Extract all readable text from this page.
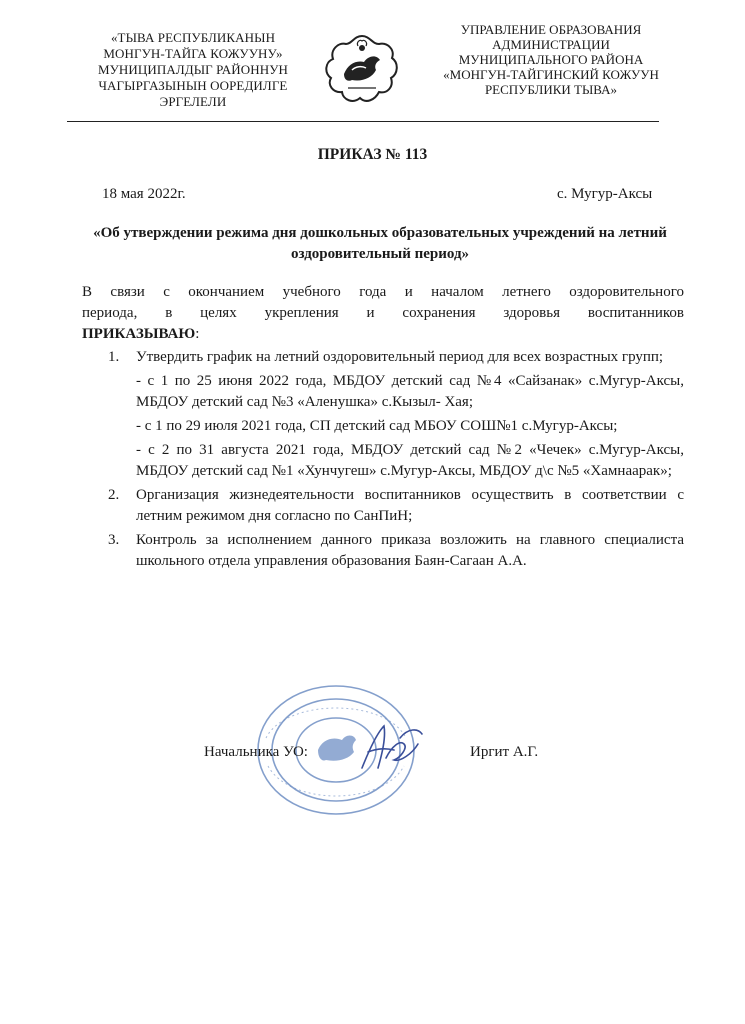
«ТЫВА РЕСПУБЛИКАНЫН
МОНГУН-ТАЙГА КОЖУУНУ»
МУНИЦИПАЛДЫГ РАЙОННУН
ЧАГЫРГАЗЫНЫН ООРЕДИЛГЕ
ЭРГЕЛЕЛИ
УПРАВЛЕНИЕ ОБРАЗОВАНИЯ
АДМИНИСТРАЦИИ
МУНИЦИПАЛЬНОГО РАЙОНА
«МОНГУН-ТАЙГИНСКИЙ КОЖУУН
РЕСПУБЛИКИ ТЫВА»
ПРИКАЗ № 113
18 мая 2022г.	с. Мугур-Аксы
«Об утверждении режима дня дошкольных образовательных учреждений на летний оздоровительный период»

В связи с окончанием учебного года и началом летнего оздоровительного

периода, в целях укрепления и сохранения здоровья воспитанников

ПРИКАЗЫВАЮ:

1. Утвердить график на летний оздоровительный период для всех возрастных групп;
- с 1 по 25 июня 2022 года, МБДОУ детский сад №4 «Сайзанак» с.Мугур-Аксы, МБДОУ детский сад №3 «Аленушка» с.Кызыл- Хая;
- с 1 по 29 июля 2021 года, СП детский сад МБОУ СОШ№1 с.Мугур-Аксы;
- с 2 по 31 августа 2021 года, МБДОУ детский сад №2 «Чечек» с.Мугур-Аксы, МБДОУ детский сад №1 «Хунчугеш» с.Мугур-Аксы, МБДОУ д\с №5 «Хамнаарак»;
2. Организация жизнедеятельности воспитанников осуществить в соответствии с летним режимом дня согласно по СанПиН;
3. Контроль за исполнением данного приказа возложить на главного специалиста школьного отдела управления образования Баян-Сагаан А.А.
Начальника УО:	Иргит А.Г.
